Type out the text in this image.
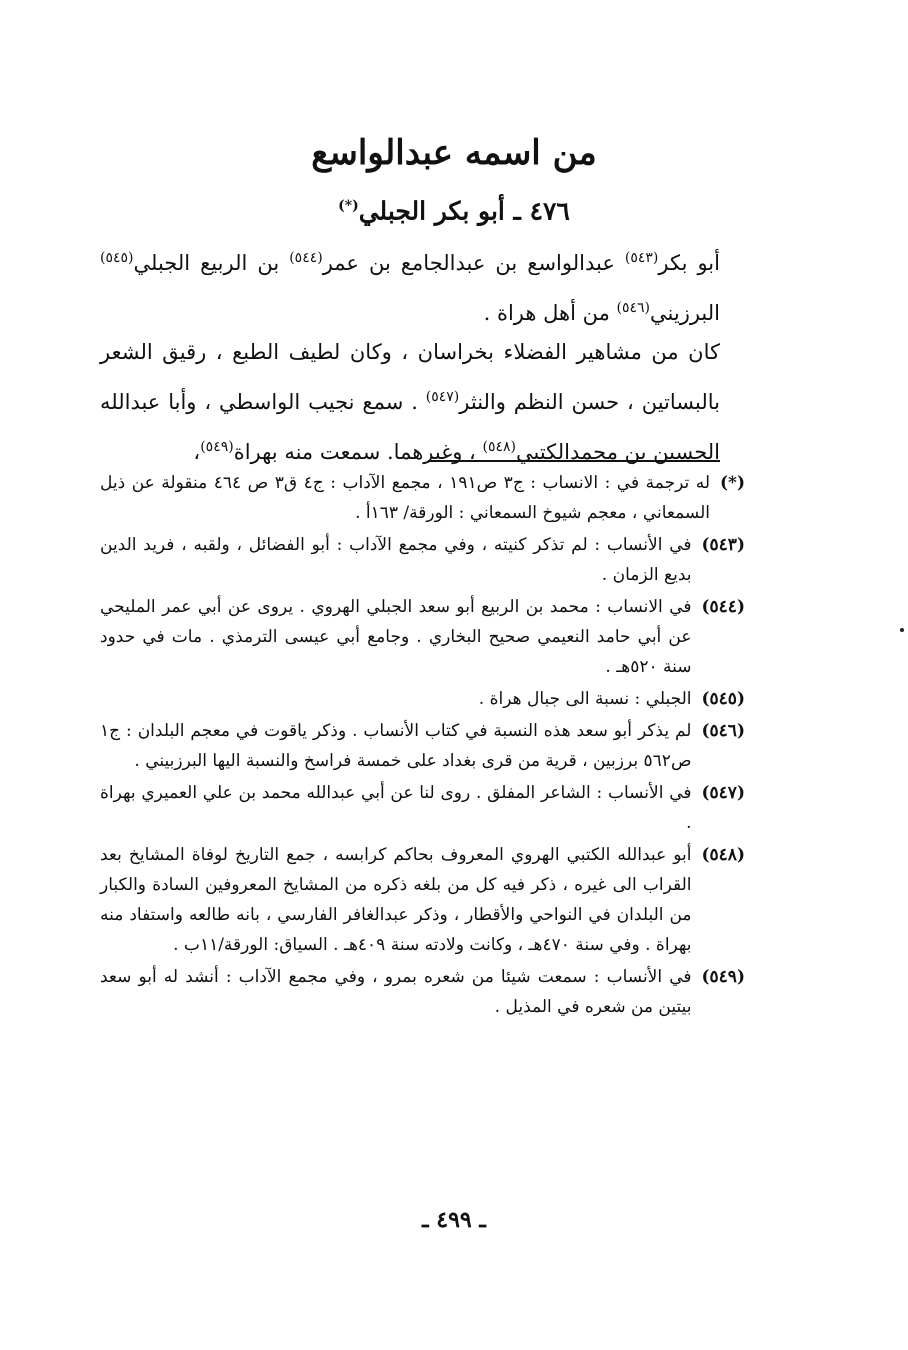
من اسمه عبدالواسع
٤٧٦ ـ أبو بكر الجبلي(*)
أبو بكر$^{(٥٤٣)}$ عبدالواسع بن عبدالجامع بن عمر$^{(٥٤٤)}$ بن الربيع الجبلي$^{(٥٤٥)}$ البرزيني$^{(٥٤٦)}$ من أهل هراة .
كان من مشاهير الفضلاء بخراسان ، وكان لطيف الطبع ، رقيق الشعر بالبساتين ، حسن النظم والنثر$^{(٥٤٧)}$ . سمع نجيب الواسطي ، وأبا عبدالله الحسين بن محمدالكتبي$^{(٥٤٨)}$ ، وغيرهما. سمعت منه بهراة$^{(٥٤٩)}$،
(*)
له ترجمة في : الانساب : ج٣ ص١٩١ ، مجمع الآداب : ج٤ ق٣ ص ٤٦٤ منقولة عن ذيل السمعاني ، معجم شيوخ السمعاني : الورقة/ ١٦٣أ .
(٥٤٣)
في الأنساب : لم تذكر كنيته ، وفي مجمع الآداب : أبو الفضائل ، ولقبه ، فريد الدين بديع الزمان .
(٥٤٤)
في الانساب : محمد بن الربيع أبو سعد الجبلي الهروي . يروى عن أبي عمر المليحي عن أبي حامد النعيمي صحيح البخاري . وجامع أبي عيسى الترمذي . مات في حدود سنة ٥٢٠هـ .
(٥٤٥)
الجبلي : نسبة الى جبال هراة .
(٥٤٦)
لم يذكر أبو سعد هذه النسبة في كتاب الأنساب . وذكر ياقوت في معجم البلدان : ج١ ص٥٦٢ برزبين ، قرية من قرى بغداد على خمسة فراسخ والنسبة اليها البرزبيني .
(٥٤٧)
في الأنساب : الشاعر المفلق . روى لنا عن أبي عبدالله محمد بن علي العميري بهراة .
(٥٤٨)
أبو عبدالله الكتبي الهروي المعروف بحاكم كرابسه ، جمع التاريخ لوفاة المشايخ بعد القراب الى غيره ، ذكر فيه كل من بلغه ذكره من المشايخ المعروفين السادة والكبار من البلدان في النواحي والأقطار ، وذكر عبدالغافر الفارسي ، بانه طالعه واستفاد منه بهراة . وفي سنة ٤٧٠هـ ، وكانت ولادته سنة ٤٠٩هـ . السياق: الورقة/١١ب .
(٥٤٩)
في الأنساب : سمعت شيئا من شعره بمرو ، وفي مجمع الآداب : أنشد له أبو سعد بيتين من شعره في المذيل .
ـ ٤٩٩ ـ
